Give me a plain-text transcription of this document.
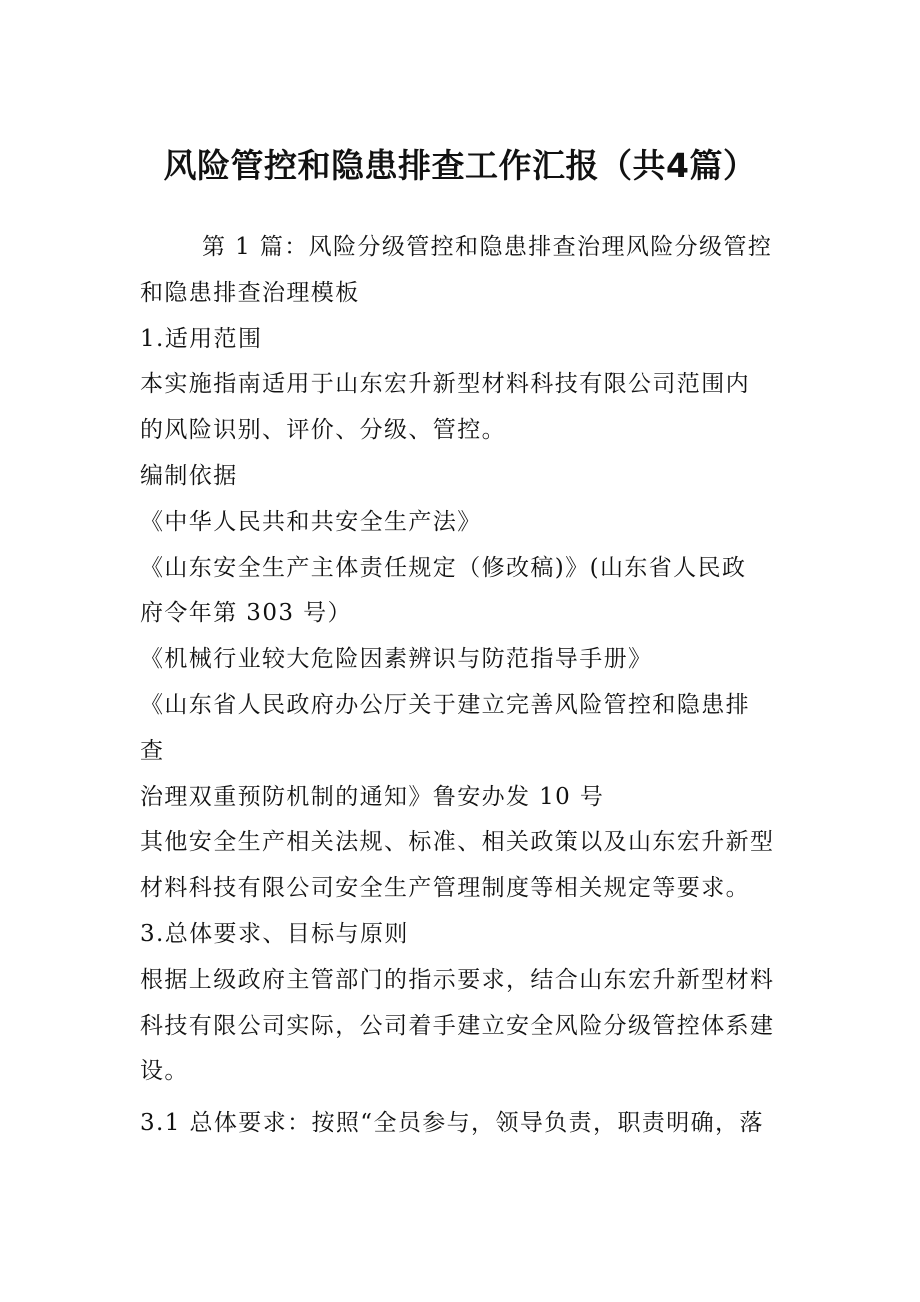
风险管控和隐患排查工作汇报（共4篇）
第 1 篇：风险分级管控和隐患排查治理风险分级管控
和隐患排查治理模板
1.适用范围
本实施指南适用于山东宏升新型材料科技有限公司范围内
的风险识别、评价、分级、管控。
编制依据
《中华人民共和共安全生产法》
《山东安全生产主体责任规定（修改稿)》(山东省人民政
府令年第 303 号）
《机械行业较大危险因素辨识与防范指导手册》
《山东省人民政府办公厅关于建立完善风险管控和隐患排
查
治理双重预防机制的通知》鲁安办发 10 号
其他安全生产相关法规、标准、相关政策以及山东宏升新型
材料科技有限公司安全生产管理制度等相关规定等要求。
3.总体要求、目标与原则
根据上级政府主管部门的指示要求，结合山东宏升新型材料
科技有限公司实际，公司着手建立安全风险分级管控体系建
设。
3.1 总体要求：按照“全员参与，领导负责，职责明确，落
